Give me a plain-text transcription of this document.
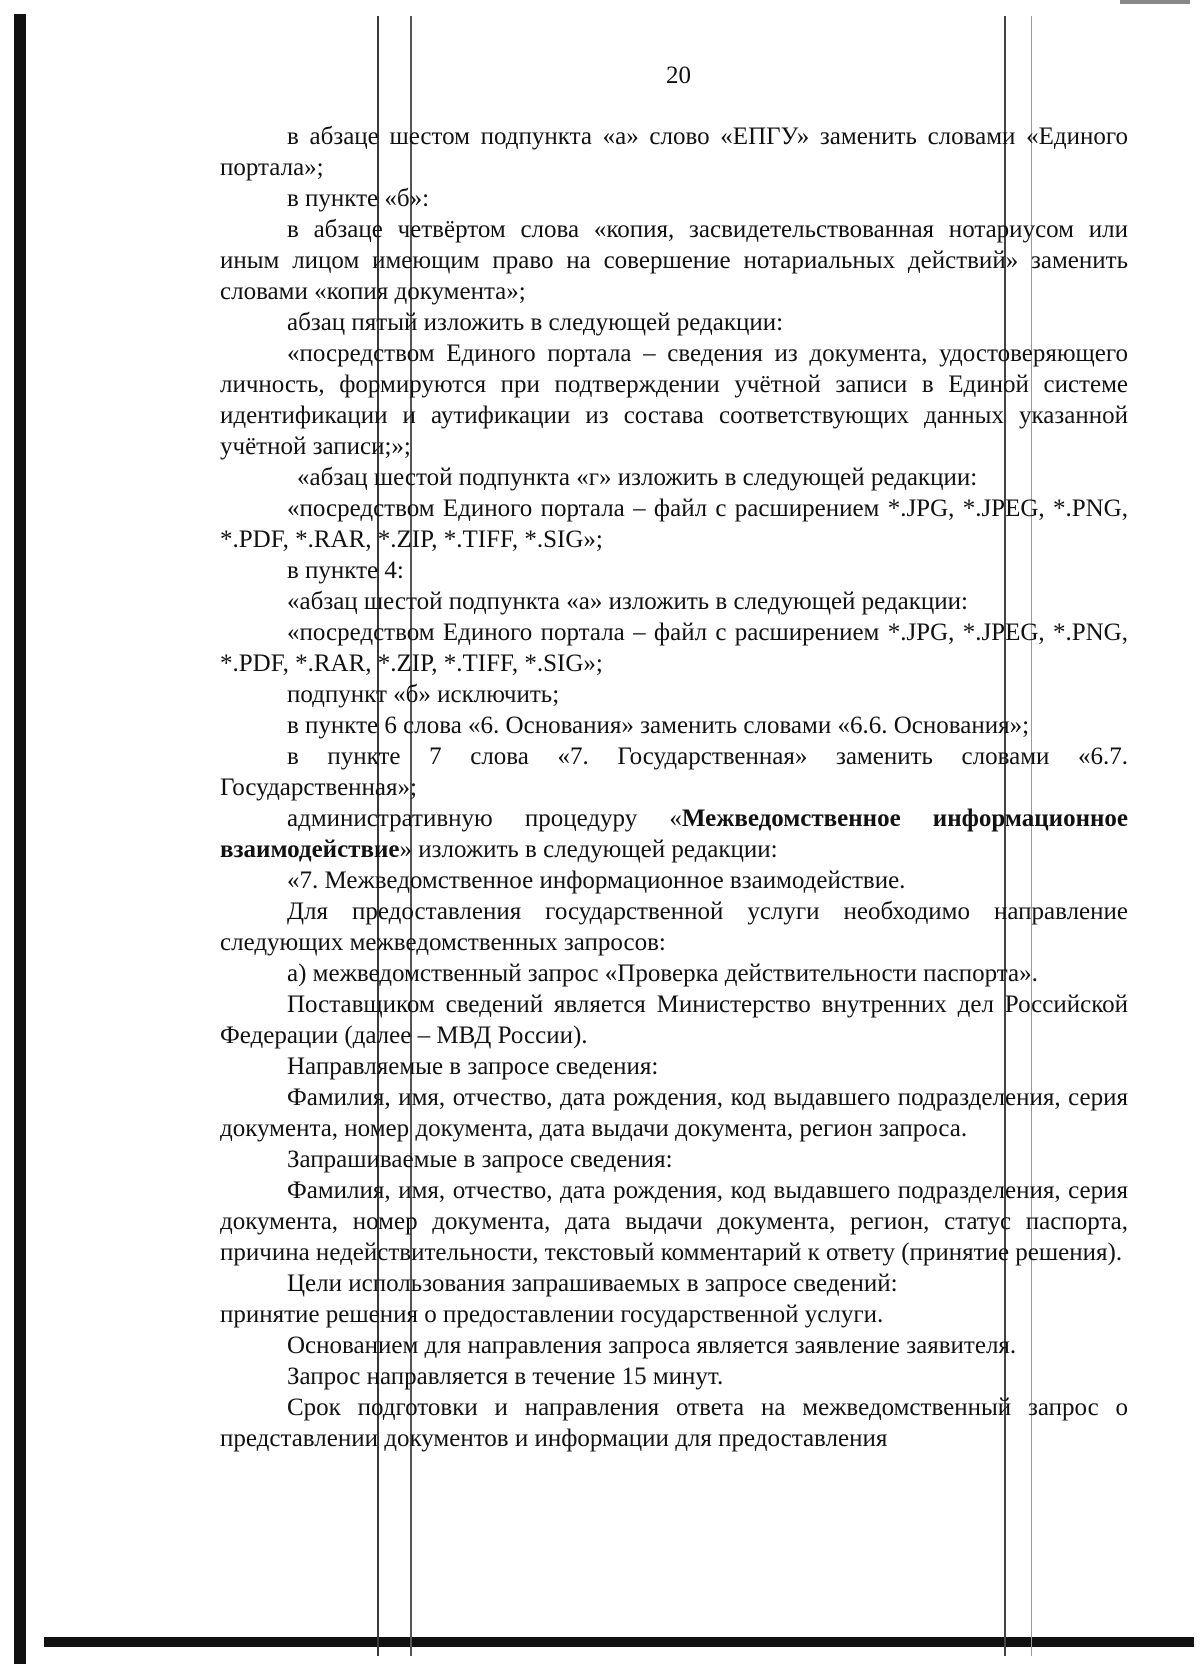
20

в абзаце шестом подпункта «а» слово «ЕПГУ» заменить словами «Единого портала»;

в пункте «б»:

в абзаце четвёртом слова «копия, засвидетельствованная нотариусом или иным лицом имеющим право на совершение нотариальных действий» заменить словами «копия документа»;

абзац пятый изложить в следующей редакции:

«посредством Единого портала – сведения из документа, удостоверяющего личность, формируются при подтверждении учётной записи в Единой системе идентификации и аутификации из состава соответствующих данных указанной учётной записи;»;

«абзац шестой подпункта «г» изложить в следующей редакции:

«посредством Единого портала – файл с расширением *.JPG, *.JPEG, *.PNG, *.PDF, *.RAR, *.ZIP, *.TIFF, *.SIG»;

в пункте 4:

«абзац шестой подпункта «а» изложить в следующей редакции:

«посредством Единого портала – файл с расширением *.JPG, *.JPEG, *.PNG, *.PDF, *.RAR, *.ZIP, *.TIFF, *.SIG»;

подпункт «б» исключить;

в пункте 6 слова «6. Основания» заменить словами «6.6. Основания»;

в пункте 7 слова «7. Государственная» заменить словами «6.7. Государственная»;

административную процедуру «Межведомственное информационное взаимодействие» изложить в следующей редакции:

«7. Межведомственное информационное взаимодействие.

Для предоставления государственной услуги необходимо направление следующих межведомственных запросов:

а) межведомственный запрос «Проверка действительности паспорта».

Поставщиком сведений является Министерство внутренних дел Российской Федерации (далее – МВД России).

Направляемые в запросе сведения:

Фамилия, имя, отчество, дата рождения, код выдавшего подразделения, серия документа, номер документа, дата выдачи документа, регион запроса.

Запрашиваемые в запросе сведения:

Фамилия, имя, отчество, дата рождения, код выдавшего подразделения, серия документа, номер документа, дата выдачи документа, регион, статус паспорта, причина недействительности, текстовый комментарий к ответу (принятие решения).

Цели использования запрашиваемых в запросе сведений:

принятие решения о предоставлении государственной услуги.

Основанием для направления запроса является заявление заявителя.

Запрос направляется в течение 15 минут.

Срок подготовки и направления ответа на межведомственный запрос о представлении документов и информации для предоставления
